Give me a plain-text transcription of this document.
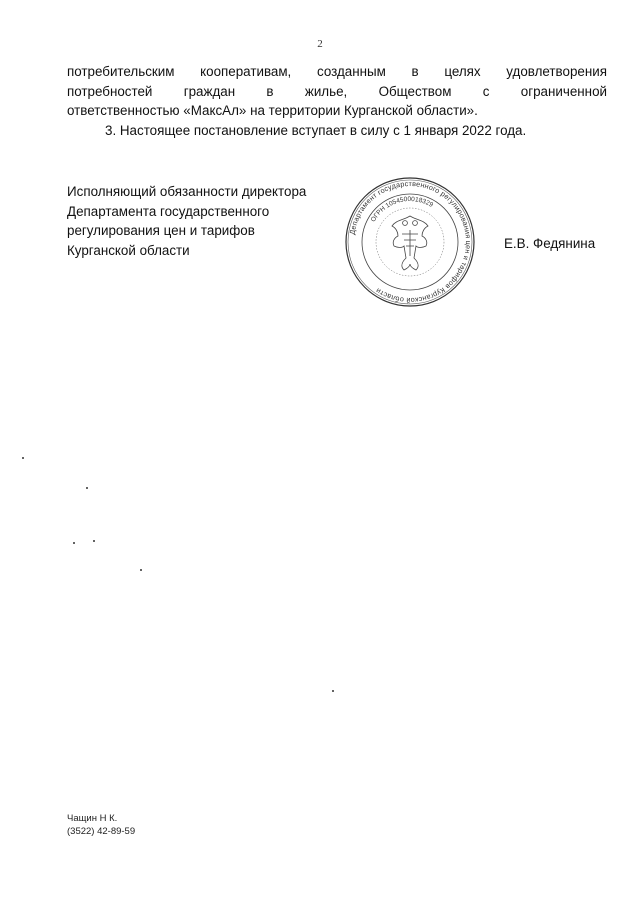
2
потребительским кооперативам, созданным в целях удовлетворения
потребностей граждан в жилье, Обществом с ограниченной
ответственностью «МаксАл» на территории Курганской области».
3. Настоящее постановление вступает в силу с 1 января 2022 года.
Исполняющий обязанности директора
Департамента государственного
регулирования цен и тарифов
Курганской области
Департамент государственного регулирования цен и тарифов Курганской области
ОГРН 1054500018329
Е.В. Федянина
Чащин Н К.
(3522) 42-89-59
